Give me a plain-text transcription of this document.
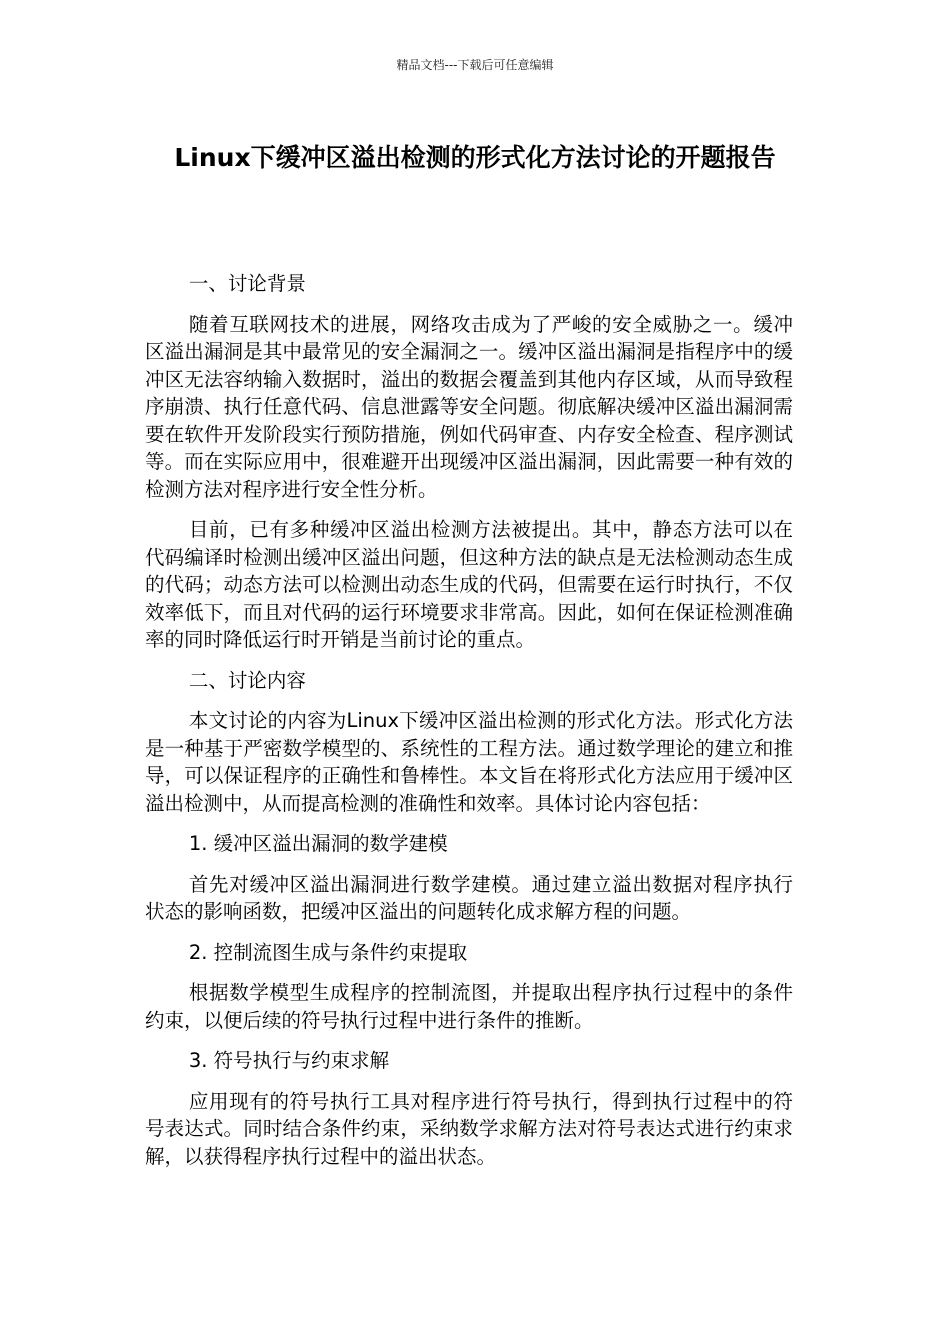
精品文档---下载后可任意编辑
Linux下缓冲区溢出检测的形式化方法讨论的开题报告

一、讨论背景

随着互联网技术的进展，网络攻击成为了严峻的安全威胁之一。缓冲区溢出漏洞是其中最常见的安全漏洞之一。缓冲区溢出漏洞是指程序中的缓冲区无法容纳输入数据时，溢出的数据会覆盖到其他内存区域，从而导致程序崩溃、执行任意代码、信息泄露等安全问题。彻底解决缓冲区溢出漏洞需要在软件开发阶段实行预防措施，例如代码审查、内存安全检查、程序测试等。而在实际应用中，很难避开出现缓冲区溢出漏洞，因此需要一种有效的检测方法对程序进行安全性分析。

目前，已有多种缓冲区溢出检测方法被提出。其中，静态方法可以在代码编译时检测出缓冲区溢出问题，但这种方法的缺点是无法检测动态生成的代码；动态方法可以检测出动态生成的代码，但需要在运行时执行，不仅效率低下，而且对代码的运行环境要求非常高。因此，如何在保证检测准确率的同时降低运行时开销是当前讨论的重点。

二、讨论内容

本文讨论的内容为Linux下缓冲区溢出检测的形式化方法。形式化方法是一种基于严密数学模型的、系统性的工程方法。通过数学理论的建立和推导，可以保证程序的正确性和鲁棒性。本文旨在将形式化方法应用于缓冲区溢出检测中，从而提高检测的准确性和效率。具体讨论内容包括：

1. 缓冲区溢出漏洞的数学建模

首先对缓冲区溢出漏洞进行数学建模。通过建立溢出数据对程序执行状态的影响函数，把缓冲区溢出的问题转化成求解方程的问题。

2. 控制流图生成与条件约束提取

根据数学模型生成程序的控制流图，并提取出程序执行过程中的条件约束，以便后续的符号执行过程中进行条件的推断。

3. 符号执行与约束求解

应用现有的符号执行工具对程序进行符号执行，得到执行过程中的符号表达式。同时结合条件约束，采纳数学求解方法对符号表达式进行约束求解，以获得程序执行过程中的溢出状态。
